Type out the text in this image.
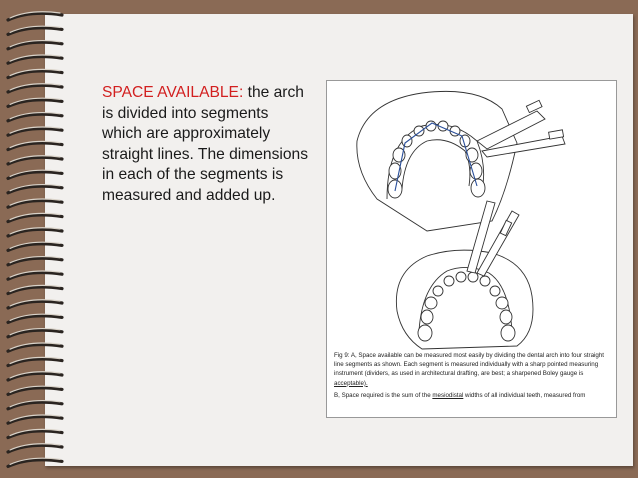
SPACE AVAILABLE: the arch is divided into segments which are approximately straight lines. The dimensions in each of the segments is measured and added up.

Fig 9: A, Space available can be measured most easily by dividing the dental arch into four straight line segments as shown. Each segment is measured individually with a sharp pointed measuring instrument (dividers, as used in architectural drafting, are best; a sharpened Boley gauge is acceptable).

B, Space required is the sum of the mesiodistal widths of all individual teeth, measured from
